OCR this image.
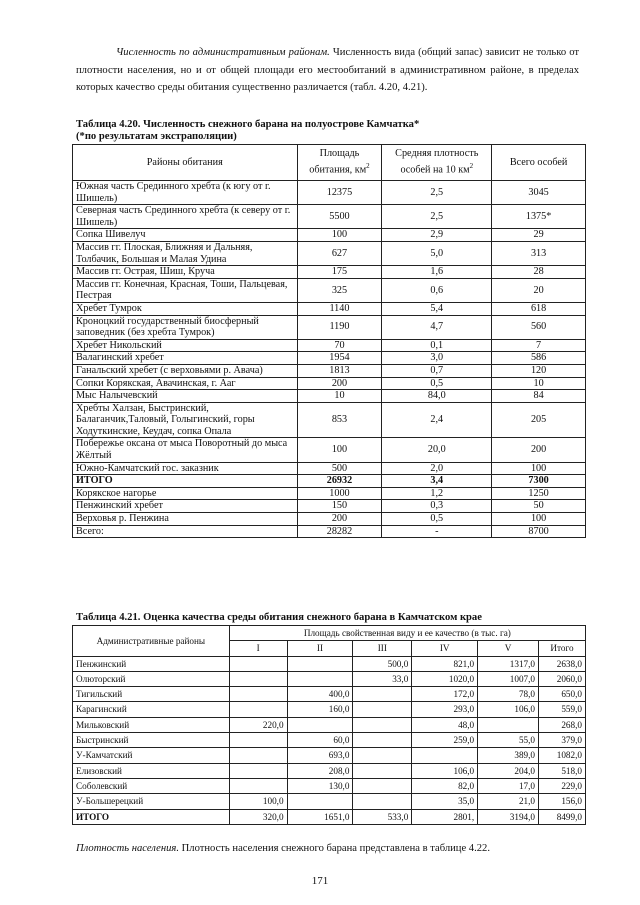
Численность по административным районам. Численность вида (общий запас) зависит не только от плотности населения, но и от общей площади его местообитаний в административном районе, в пределах которых качество среды обитания существенно различается (табл. 4.20, 4.21).

Таблица 4.20. Численность снежного барана на полуострове Камчатка*

(*по результатам экстраполяции)

Районы обитания	Площадь обитания, $км^2$	Средняя плотность особей на 10 $км^2$	Всего особей
Южная часть Срединного хребта (к югу от г. Шишель)	12375	2,5	3045
Северная часть Срединного хребта (к северу от г. Шишель)	5500	2,5	1375*
Сопка Шивелуч	100	2,9	29
Массив гг. Плоская, Ближняя и Дальняя, Толбачик, Большая и Малая Удина	627	5,0	313
Массив гг. Острая, Шиш, Круча	175	1,6	28
Массив гг. Конечная, Красная, Тоши, Пальцевая, Пестрая	325	0,6	20
Хребет Тумрок	1140	5,4	618
Кроноцкий государственный биосферный заповедник (без хребта Тумрок)	1190	4,7	560
Хребет Никольский	70	0,1	7
Валагинский хребет	1954	3,0	586
Ганальский хребет (с верховьями р. Авача)	1813	0,7	120
Сопки Корякская, Авачинская, г. Ааг	200	0,5	10
Мыс Налычевский	10	84,0	84
Хребты Халзан, Быстринский, Балаганчик,Таловый, Голыгинский, горы Ходуткинские, Кеудач, сопка Опала	853	2,4	205
Побережье оксана от мыса Поворотный до мыса Жёлтый	100	20,0	200
Южно-Камчатский гос. заказник	500	2,0	100
ИТОГО	26932	3,4	7300
Корякское нагорье	1000	1,2	1250
Пенжинский хребет	150	0,3	50
Верховья р. Пенжина	200	0,5	100
Всего:	28282	-	8700

Таблица 4.21. Оценка качества среды обитания снежного барана в Камчатском крае

Административные районы	Площадь свойственная виду и ее качество (в тыс. га)					
	I	II	III	IV	V	Итого
Пенжинский			500,0	821,0	1317,0	2638,0
Олюторский			33,0	1020,0	1007,0	2060,0
Тигильский		400,0		172,0	78,0	650,0
Карагинский		160,0		293,0	106,0	559,0
Мильковский	220,0			48,0		268,0
Быстринский		60,0		259,0	55,0	379,0
У-Камчатский		693,0			389,0	1082,0
Елизовский		208,0		106,0	204,0	518,0
Соболевский		130,0		82,0	17,0	229,0
У-Большерецкий	100,0			35,0	21,0	156,0
ИТОГО	320,0	1651,0	533,0	2801,	3194,0	8499,0

Плотность населения. Плотность населения снежного барана представлена в таблице 4.22.

171
